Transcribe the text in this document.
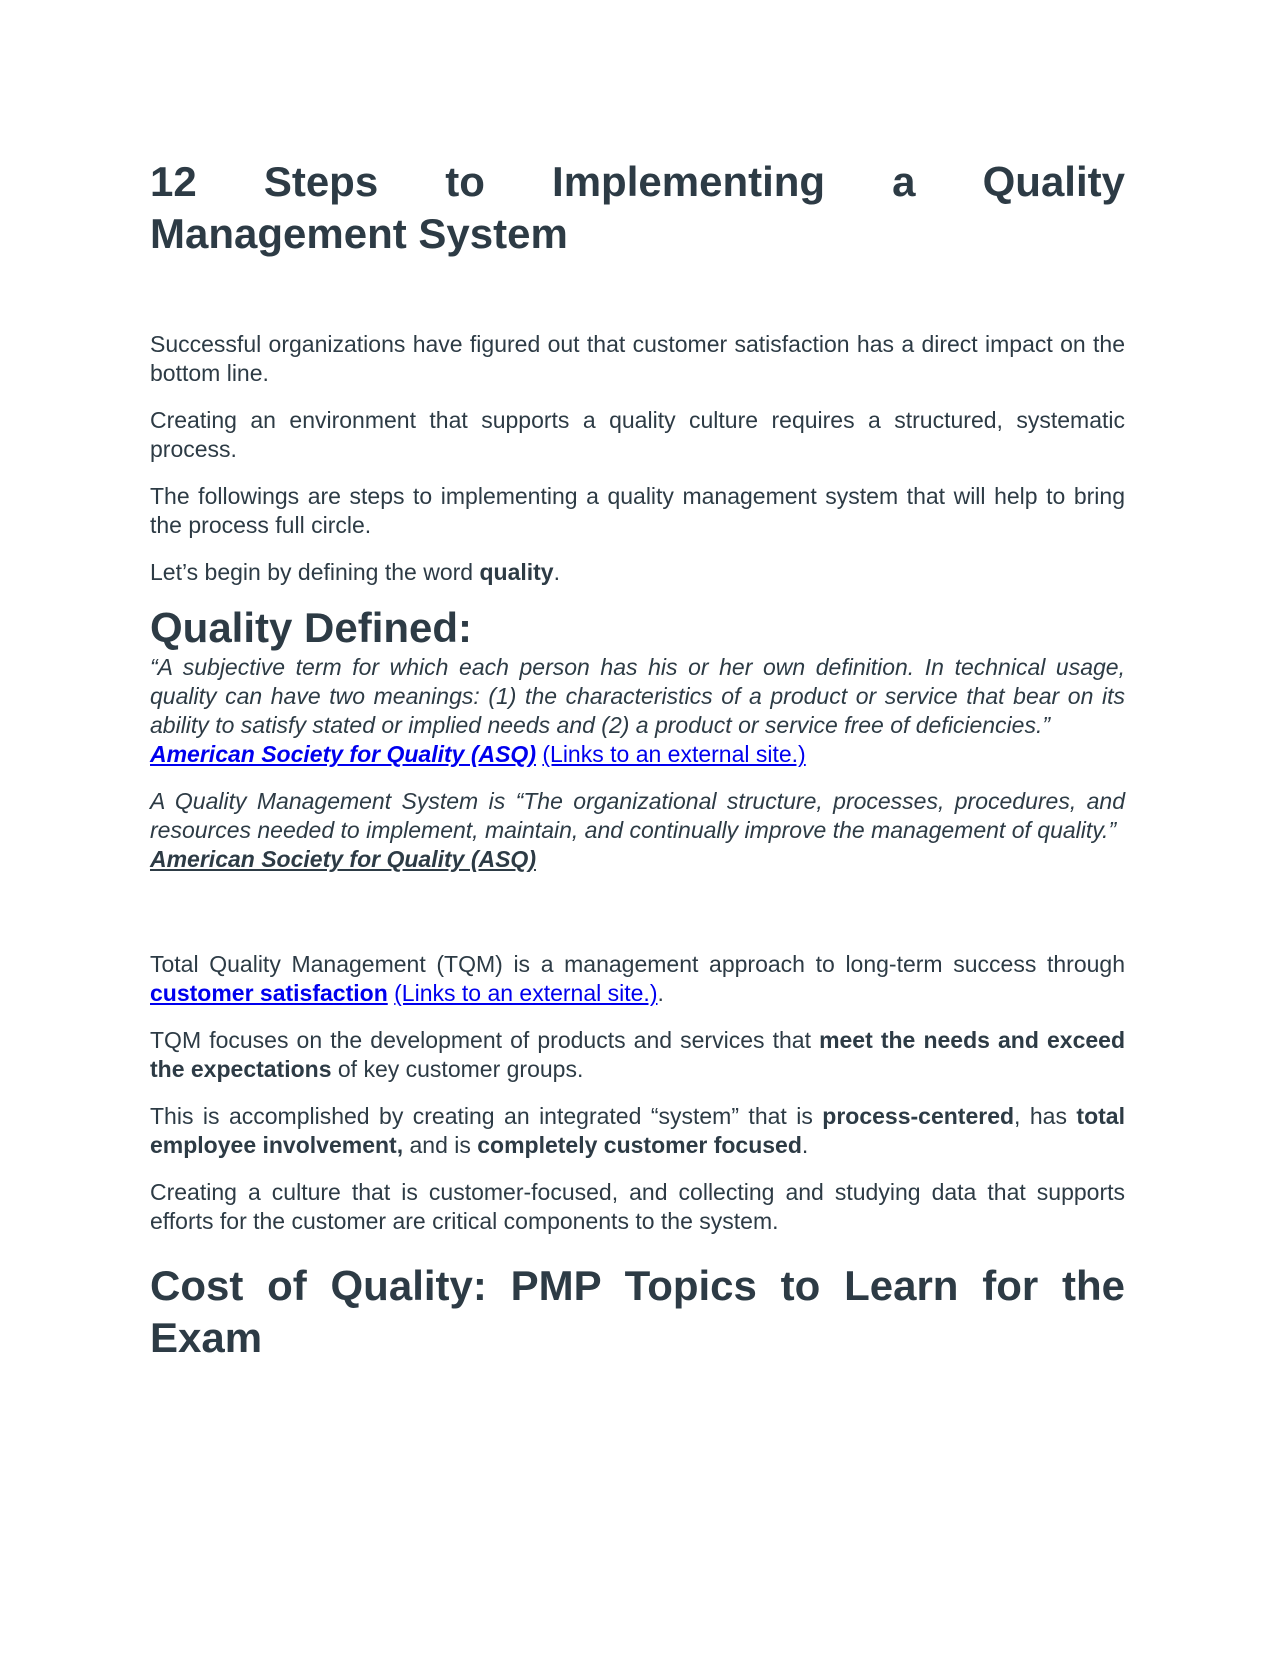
12 Steps to Implementing a Quality
Management System

Successful organizations have figured out that customer satisfaction has a direct impact on the bottom line.

Creating an environment that supports a quality culture requires a structured, systematic process.

The followings are steps to implementing a quality management system that will help to bring the process full circle.

Let’s begin by defining the word quality.

Quality Defined:

“A subjective term for which each person has his or her own definition. In technical usage, quality can have two meanings: (1) the characteristics of a product or service that bear on its ability to satisfy stated or implied needs and (2) a product or service free of deficiencies.”
American Society for Quality (ASQ) (Links to an external site.)

A Quality Management System is “The organizational structure, processes, procedures, and resources needed to implement, maintain, and continually improve the management of quality.”
American Society for Quality (ASQ)

Total Quality Management (TQM) is a management approach to long-term success through customer satisfaction (Links to an external site.).

TQM focuses on the development of products and services that meet the needs and exceed the expectations of key customer groups.

This is accomplished by creating an integrated “system” that is process-centered, has total employee involvement, and is completely customer focused.

Creating a culture that is customer-focused, and collecting and studying data that supports efforts for the customer are critical components to the system.

Cost of Quality: PMP Topics to Learn for the Exam
